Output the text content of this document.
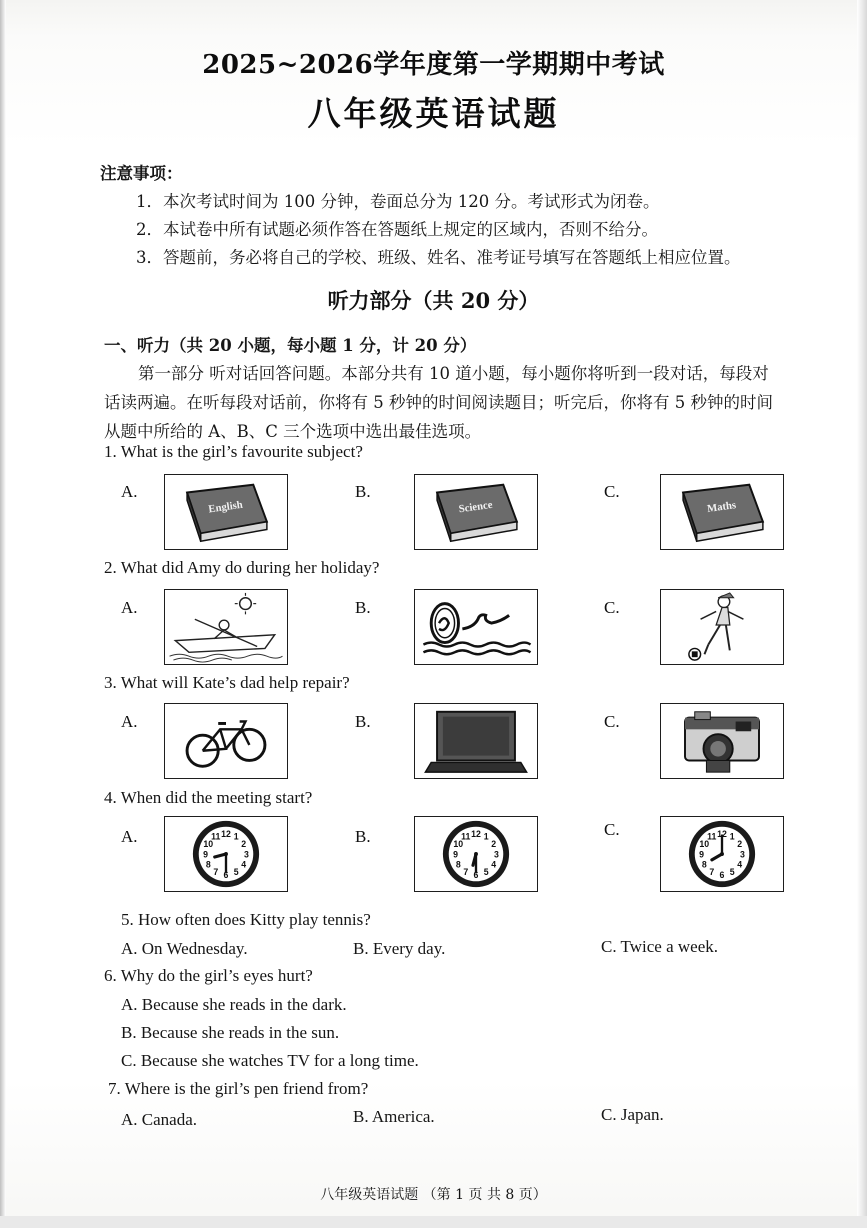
2025~2026学年度第一学期期中考试

八年级英语试题

注意事项：

1．本次考试时间为 100 分钟，卷面总分为 120 分。考试形式为闭卷。

2．本试卷中所有试题必须作答在答题纸上规定的区域内，否则不给分。

3．答题前，务必将自己的学校、班级、姓名、准考证号填写在答题纸上相应位置。

听力部分（共 20 分）

一、听力（共 20 小题，每小题 1 分，计 20 分）

第一部分 听对话回答问题。本部分共有 10 道小题，每小题你将听到一段对话，每段对

话读两遍。在听每段对话前，你将有 5 秒钟的时间阅读题目；听完后，你将有 5 秒钟的时间

从题中所给的 A、B、C 三个选项中选出最佳选项。

1. What is the girl’s favourite subject?

A.	B.	C.
English	Science	Maths

2. What did Amy do during her holiday?

A.	B.	C.

3. What will Kate’s dad help repair?

A.	B.	C.

4. When did the meeting start?

A.	B.	C.
12 1
2
3
4
5
6
7
8
9
10
11	12 1
2
3
4
5
6
7
8
9
10
11	12 1
2
3
4
5
6
7
8
9
10
11

5. How often does Kitty play tennis?

A. On Wednesday.	B. Every day.	C. Twice a week.

6. Why do the girl’s eyes hurt?

A. Because she reads in the dark.

B. Because she reads in the sun.

C. Because she watches TV for a long time.

7. Where is the girl’s pen friend from?

A. Canada.	B. America.	C. Japan.

八年级英语试题 （第 1 页 共 8 页）
